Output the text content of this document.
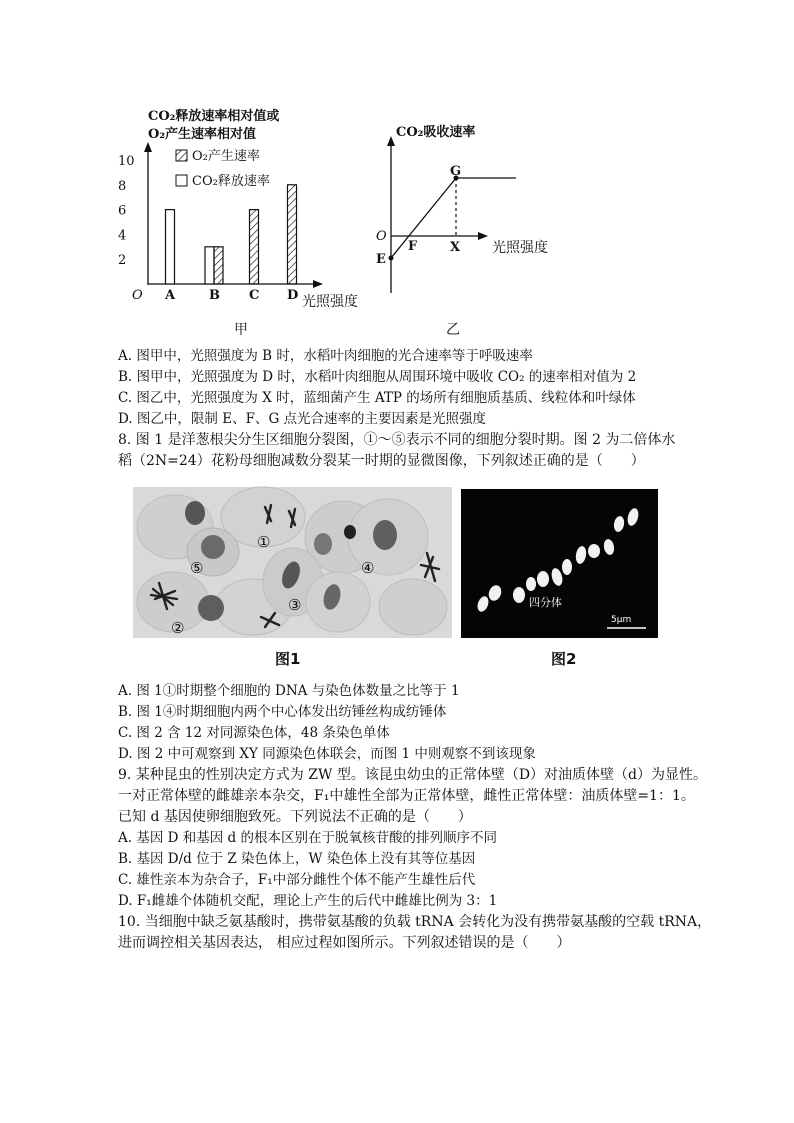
CO₂释放速率相对值或
O₂产生速率相对值
O	光照强度
2
4
6
8
10
A	B C D
O₂产生速率
CO₂释放速率
甲
CO₂吸收速率
O
光照强度
E
F
G
X
乙
A. 图甲中，光照强度为 B 时，水稻叶肉细胞的光合速率等于呼吸速率
B. 图甲中，光照强度为 D 时，水稻叶肉细胞从周围环境中吸收 CO₂ 的速率相对值为 2
C. 图乙中，光照强度为 X 时，蓝细菌产生 ATP 的场所有细胞质基质、线粒体和叶绿体
D. 图乙中，限制 E、F、G 点光合速率的主要因素是光照强度
8. 图 1 是洋葱根尖分生区细胞分裂图，①～⑤表示不同的细胞分裂时期。图 2 为二倍体水
稻（2N=24）花粉母细胞减数分裂某一时期的显微图像，下列叙述正确的是（　　）
①
②
③
④
⑤
图1
四分体
5μm
图2
A. 图 1①时期整个细胞的 DNA 与染色体数量之比等于 1
B. 图 1④时期细胞内两个中心体发出纺锤丝构成纺锤体
C. 图 2 含 12 对同源染色体，48 条染色单体
D. 图 2 中可观察到 XY 同源染色体联会，而图 1 中则观察不到该现象
9. 某种昆虫的性别决定方式为 ZW 型。该昆虫幼虫的正常体壁（D）对油质体壁（d）为显性。
一对正常体壁的雌雄亲本杂交，F₁中雄性全部为正常体壁，雌性正常体壁：油质体壁=1：1。
已知 d 基因使卵细胞致死。下列说法不正确的是（　　）
A. 基因 D 和基因 d 的根本区别在于脱氧核苷酸的排列顺序不同
B. 基因 D/d 位于 Z 染色体上，W 染色体上没有其等位基因
C. 雄性亲本为杂合子，F₁中部分雌性个体不能产生雄性后代
D. F₁雌雄个体随机交配，理论上产生的后代中雌雄比例为 3：1
10. 当细胞中缺乏氨基酸时，携带氨基酸的负载 tRNA 会转化为没有携带氨基酸的空载 tRNA，
进而调控相关基因表达， 相应过程如图所示。下列叙述错误的是（　　）
